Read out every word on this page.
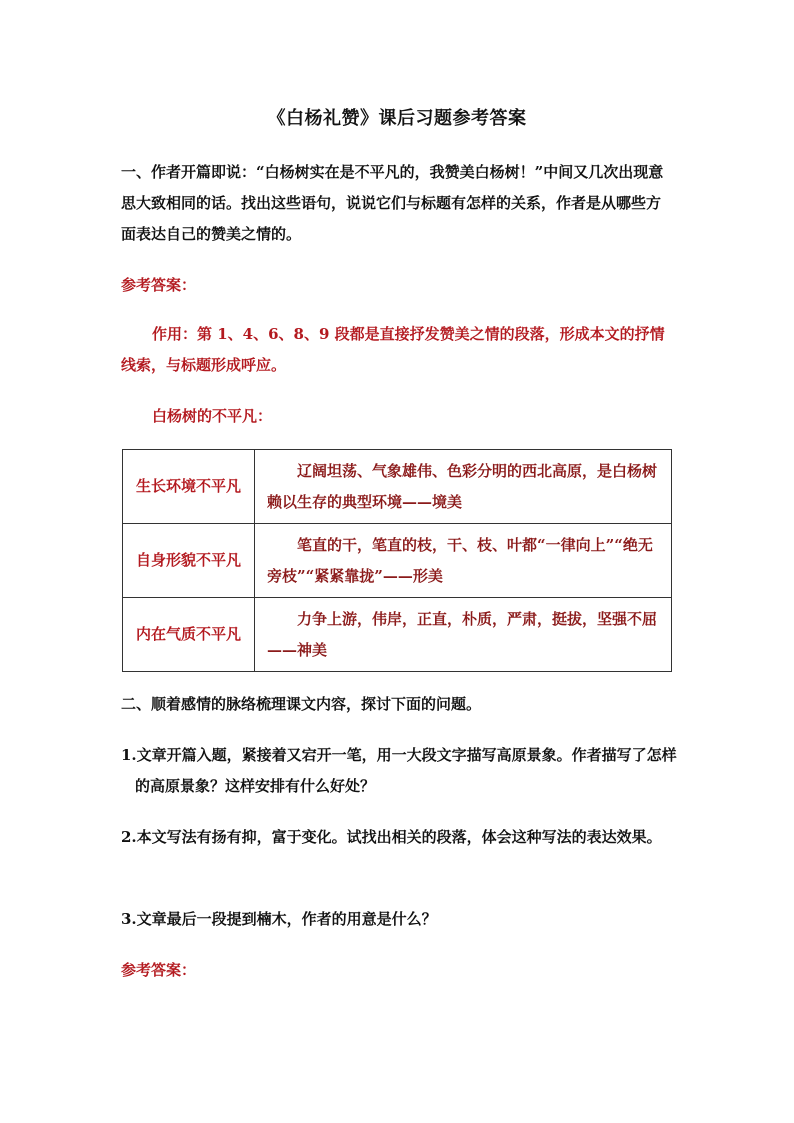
《白杨礼赞》课后习题参考答案
一、作者开篇即说：“白杨树实在是不平凡的，我赞美白杨树！”中间又几次出现意思大致相同的话。找出这些语句，说说它们与标题有怎样的关系，作者是从哪些方面表达自己的赞美之情的。
参考答案：
作用：第 1、4、6、8、9 段都是直接抒发赞美之情的段落，形成本文的抒情线索，与标题形成呼应。
白杨树的不平凡：
生长环境不平凡	辽阔坦荡、气象雄伟、色彩分明的西北高原，是白杨树赖以生存的典型环境——境美
自身形貌不平凡	笔直的干，笔直的枝，干、枝、叶都“一律向上”“绝无旁枝”“紧紧靠拢”——形美
内在气质不平凡	力争上游，伟岸，正直，朴质，严肃，挺拔，坚强不屈——神美
二、顺着感情的脉络梳理课文内容，探讨下面的问题。
1.文章开篇入题，紧接着又宕开一笔，用一大段文字描写高原景象。作者描写了怎样的高原景象？这样安排有什么好处？
2.本文写法有扬有抑，富于变化。试找出相关的段落，体会这种写法的表达效果。
3.文章最后一段提到楠木，作者的用意是什么？
参考答案：
